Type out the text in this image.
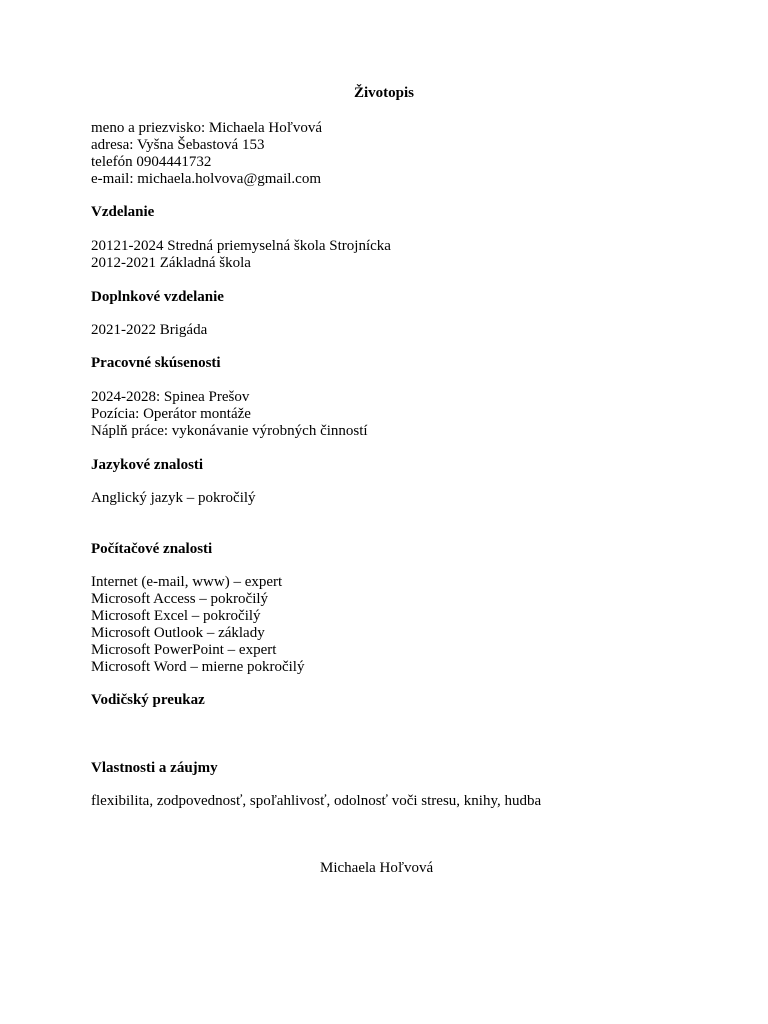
Životopis
meno a priezvisko: Michaela Hoľvová
adresa: Vyšna Šebastová 153
telefón 0904441732
e-mail: michaela.holvova@gmail.com
Vzdelanie
20121-2024 Stredná priemyselná škola Strojnícka
2012-2021 Základná škola
Doplnkové vzdelanie
2021-2022 Brigáda
Pracovné skúsenosti
2024-2028: Spinea Prešov
Pozícia: Operátor montáže
Náplň práce: vykonávanie výrobných činností
Jazykové znalosti
Anglický jazyk – pokročilý
Počítačové znalosti
Internet (e-mail, www) – expert
Microsoft Access – pokročilý
Microsoft Excel – pokročilý
Microsoft Outlook – základy
Microsoft PowerPoint – expert
Microsoft Word – mierne pokročilý
Vodičský preukaz
Vlastnosti a záujmy
flexibilita, zodpovednosť, spoľahlivosť, odolnosť voči stresu, knihy, hudba
Michaela Hoľvová
